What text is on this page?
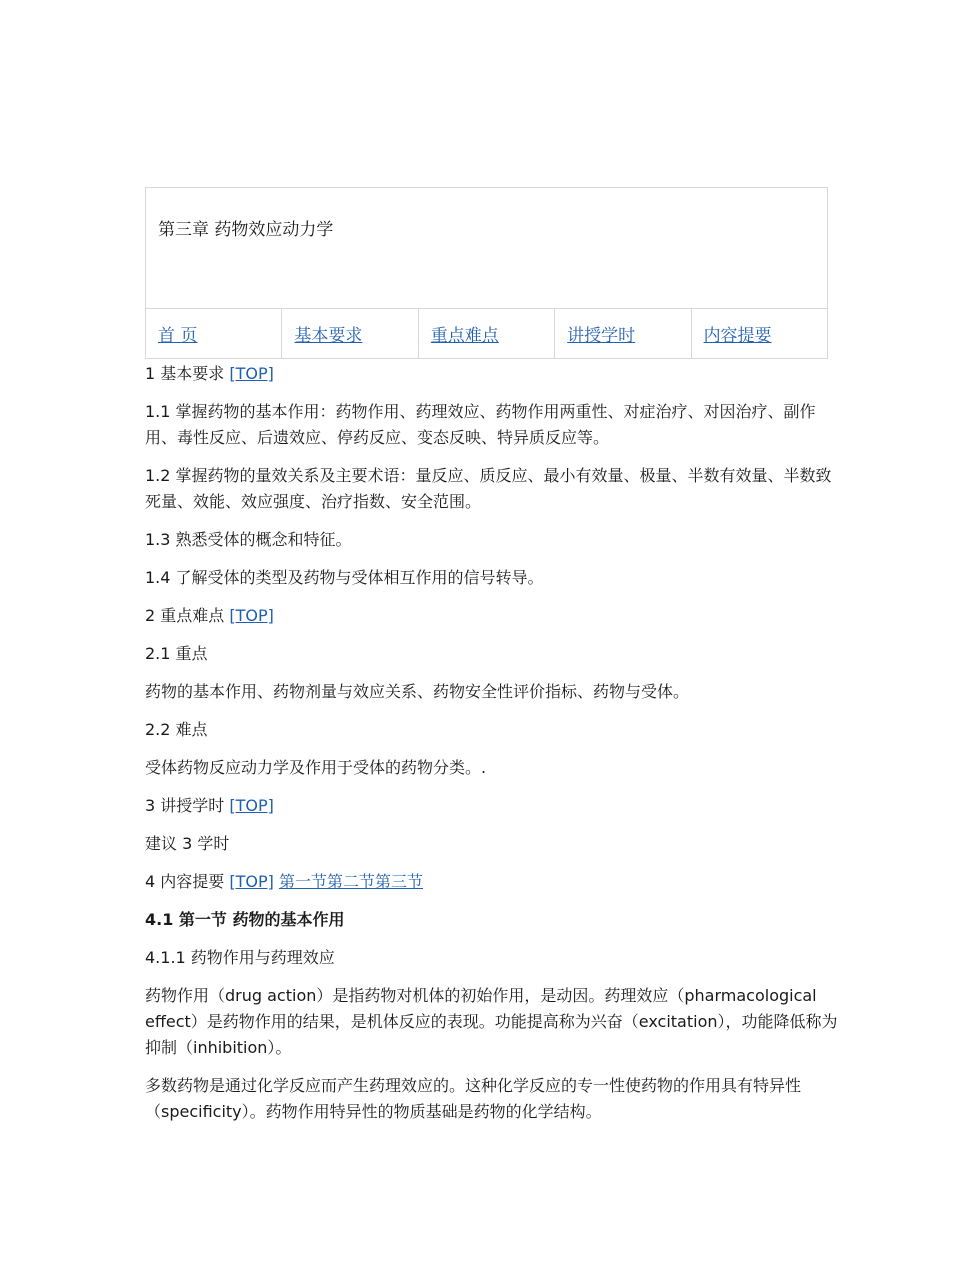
第三章 药物效应动力学
首 页	基本要求	重点难点	讲授学时	内容提要

1 基本要求 [TOP]

1.1 掌握药物的基本作用：药物作用、药理效应、药物作用两重性、对症治疗、对因治疗、副作用、毒性反应、后遗效应、停药反应、变态反映、特异质反应等。

1.2 掌握药物的量效关系及主要术语：量反应、质反应、最小有效量、极量、半数有效量、半数致死量、效能、效应强度、治疗指数、安全范围。

1.3 熟悉受体的概念和特征。

1.4 了解受体的类型及药物与受体相互作用的信号转导。

2 重点难点 [TOP]

2.1 重点

药物的基本作用、药物剂量与效应关系、药物安全性评价指标、药物与受体。

2.2 难点

受体药物反应动力学及作用于受体的药物分类。.

3 讲授学时 [TOP]

建议 3 学时

4 内容提要 [TOP] 第一节第二节第三节

4.1 第一节 药物的基本作用

4.1.1 药物作用与药理效应

药物作用（drug action）是指药物对机体的初始作用，是动因。药理效应（pharmacological effect）是药物作用的结果，是机体反应的表现。功能提高称为兴奋（excitation），功能降低称为抑制（inhibition）。

多数药物是通过化学反应而产生药理效应的。这种化学反应的专一性使药物的作用具有特异性（specificity）。药物作用特异性的物质基础是药物的化学结构。
